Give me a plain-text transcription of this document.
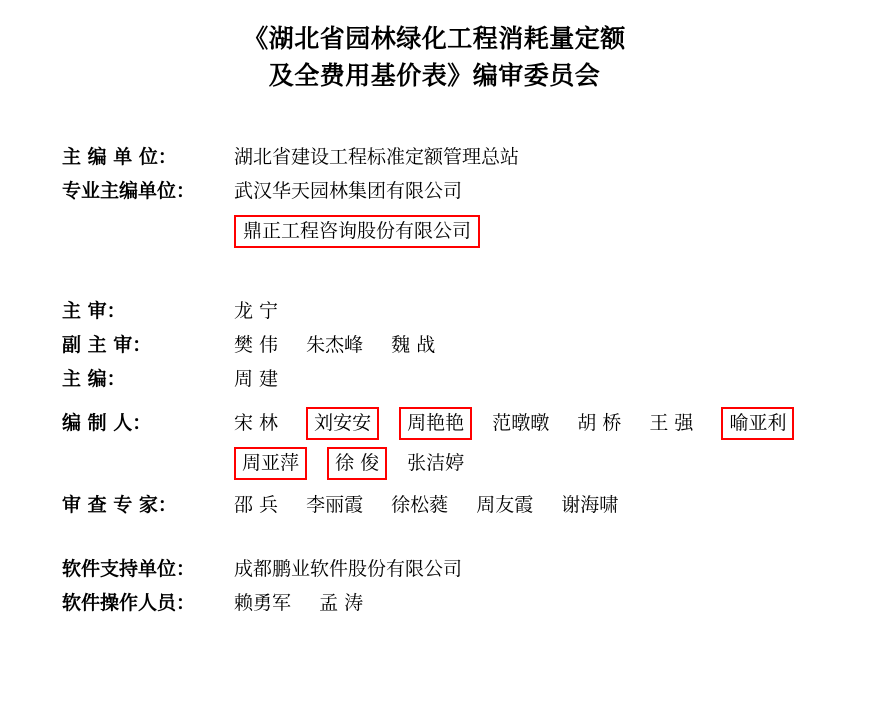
《湖北省园林绿化工程消耗量定额
及全费用基价表》编审委员会
主 编 单 位：	湖北省建设工程标准定额管理总站
专业主编单位：	武汉华天园林集团有限公司
鼎正工程咨询股份有限公司
主 审：	龙 宁
副 主 审：	樊 伟 朱杰峰 魏 战
主 编：	周 建
编 制 人：	宋 林 刘安安 周艳艳 范暾暾 胡 桥 王 强 喻亚利
周亚萍 徐 俊 张洁婷
审 查 专 家：	邵 兵 李丽霞 徐松蕤 周友霞 谢海啸
软件支持单位：	成都鹏业软件股份有限公司
软件操作人员：	赖勇军 孟 涛
